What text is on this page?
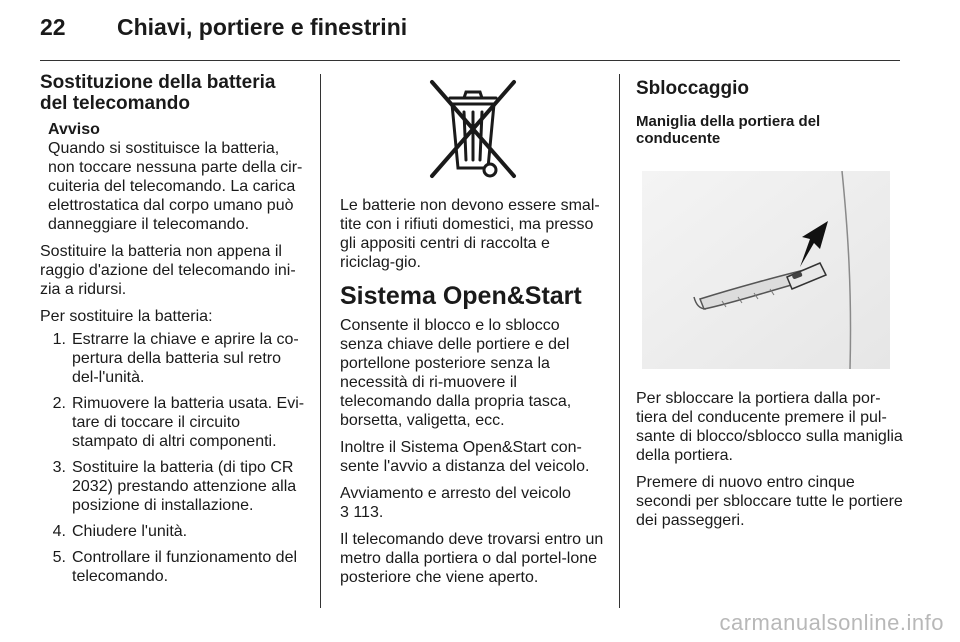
22 Chiavi, portiere e finestrini
Sostituzione della batteria del telecomando
Avviso
Quando si sostituisce la batteria, non toccare nessuna parte della cir-cuiteria del telecomando. La carica elettrostatica dal corpo umano può danneggiare il telecomando.

Sostituire la batteria non appena il raggio d'azione del telecomando ini-zia a ridursi.

Per sostituire la batteria:

1. Estrarre la chiave e aprire la co-pertura della batteria sul retro del-l'unità.
2. Rimuovere la batteria usata. Evi-tare di toccare il circuito stampato di altri componenti.
3. Sostituire la batteria (di tipo CR 2032) prestando attenzione alla posizione di installazione.
4. Chiudere l'unità.
5. Controllare il funzionamento del telecomando.

Le batterie non devono essere smal-tite con i rifiuti domestici, ma presso gli appositi centri di raccolta e riciclag-gio.

Sistema Open&Start

Consente il blocco e lo sblocco senza chiave delle portiere e del portellone posteriore senza la necessità di ri-muovere il telecomando dalla propria tasca, borsetta, valigetta, ecc.

Inoltre il Sistema Open&Start con-sente l'avvio a distanza del veicolo.

Avviamento e arresto del veicolo
3 113.

Il telecomando deve trovarsi entro un metro dalla portiera o dal portel-lone posteriore che viene aperto.

Sbloccaggio
Maniglia della portiera del conducente

Per sbloccare la portiera dalla por-tiera del conducente premere il pul-sante di blocco/sblocco sulla maniglia della portiera.

Premere di nuovo entro cinque secondi per sbloccare tutte le portiere dei passeggeri.

carmanualsonline.info
